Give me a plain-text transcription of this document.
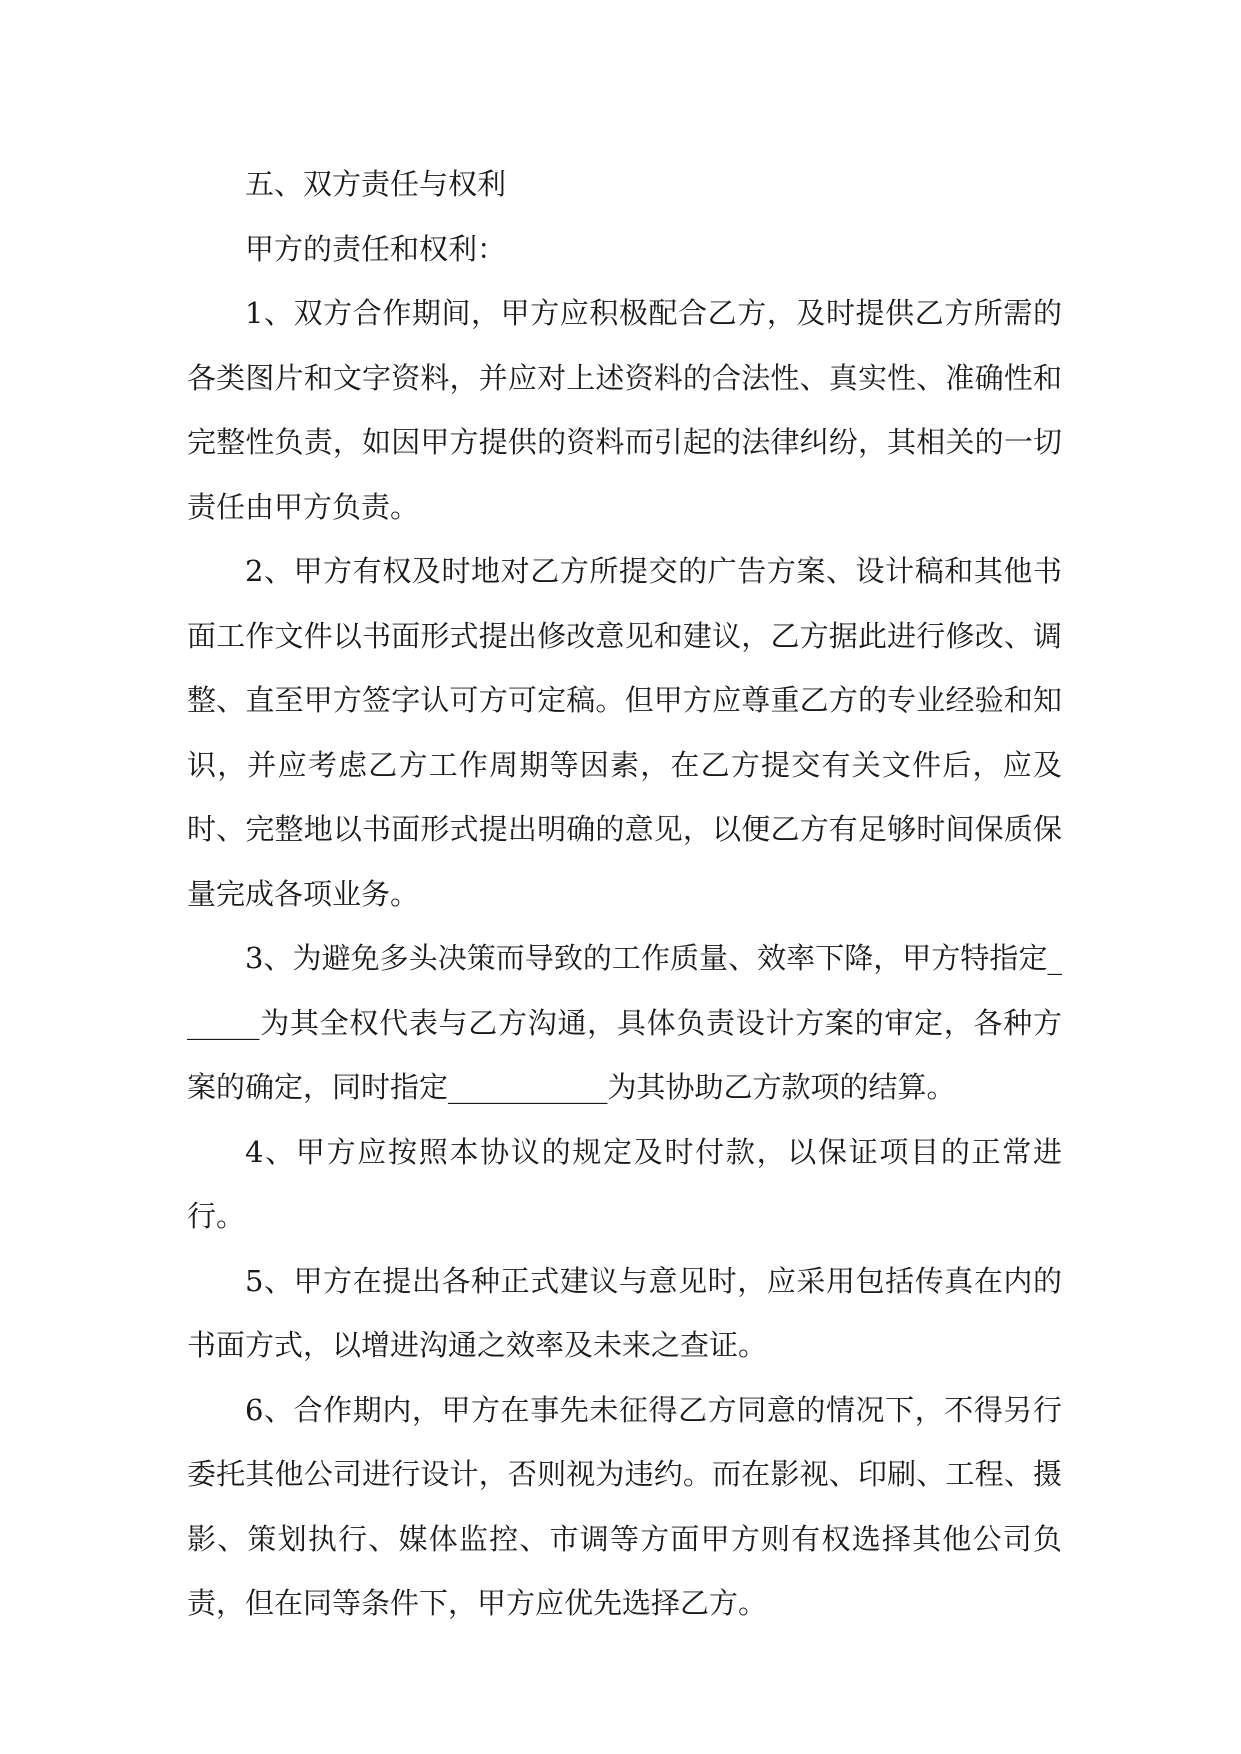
五、双方责任与权利

甲方的责任和权利：

1、双方合作期间，甲方应积极配合乙方，及时提供乙方所需的各类图片和文字资料，并应对上述资料的合法性、真实性、准确性和完整性负责，如因甲方提供的资料而引起的法律纠纷，其相关的一切责任由甲方负责。

2、甲方有权及时地对乙方所提交的广告方案、设计稿和其他书面工作文件以书面形式提出修改意见和建议，乙方据此进行修改、调整、直至甲方签字认可方可定稿。但甲方应尊重乙方的专业经验和知识，并应考虑乙方工作周期等因素，在乙方提交有关文件后，应及时、完整地以书面形式提出明确的意见，以便乙方有足够时间保质保量完成各项业务。

3、为避免多头决策而导致的工作质量、效率下降，甲方特指定______为其全权代表与乙方沟通，具体负责设计方案的审定，各种方案的确定，同时指定___________为其协助乙方款项的结算。

4、甲方应按照本协议的规定及时付款，以保证项目的正常进行。

5、甲方在提出各种正式建议与意见时，应采用包括传真在内的书面方式，以增进沟通之效率及未来之查证。

6、合作期内，甲方在事先未征得乙方同意的情况下，不得另行委托其他公司进行设计，否则视为违约。而在影视、印刷、工程、摄影、策划执行、媒体监控、市调等方面甲方则有权选择其他公司负责，但在同等条件下，甲方应优先选择乙方。
